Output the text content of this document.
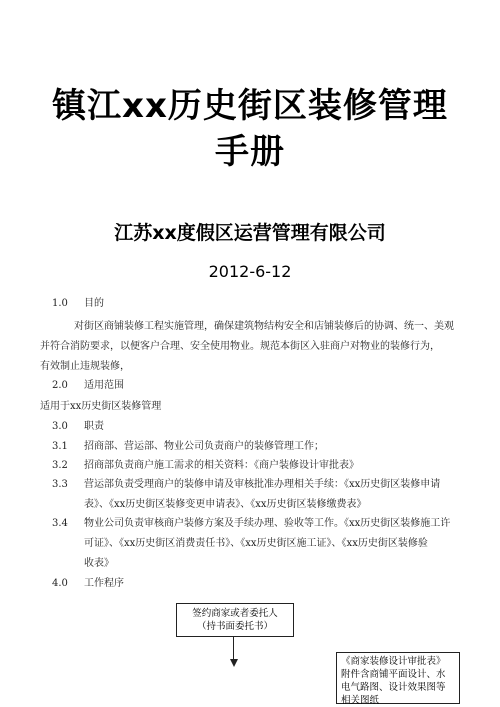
镇江xx历史街区装修管理
手册
江苏xx度假区运营管理有限公司
2012-6-12
1.0 目的
对街区商铺装修工程实施管理，确保建筑物结构安全和店铺装修后的协调、统一、美观
并符合消防要求，以便客户合理、安全使用物业。规范本街区入驻商户对物业的装修行为，
有效制止违规装修，
2.0 适用范围
适用于xx历史街区装修管理
3.0 职责
3.1 招商部、营运部、物业公司负责商户的装修管理工作；
3.2 招商部负责商户施工需求的相关资料：《商户装修设计审批表》
3.3 营运部负责受理商户的装修申请及审核批准办理相关手续：《xx历史街区装修申请
表》、《xx历史街区装修变更申请表》、《xx历史街区装修缴费表》
3.4 物业公司负责审核商户装修方案及手续办理、验收等工作。《xx历史街区装修施工许
可证》、《xx历史街区消费责任书》、《xx历史街区施工证》、《xx历史街区装修验
收表》
4.0 工作程序
签约商家或者委托人
（持书面委托书）
《商家装修设计审批表》
附件含商铺平面设计、水
电气路图、设计效果图等
相关图纸
